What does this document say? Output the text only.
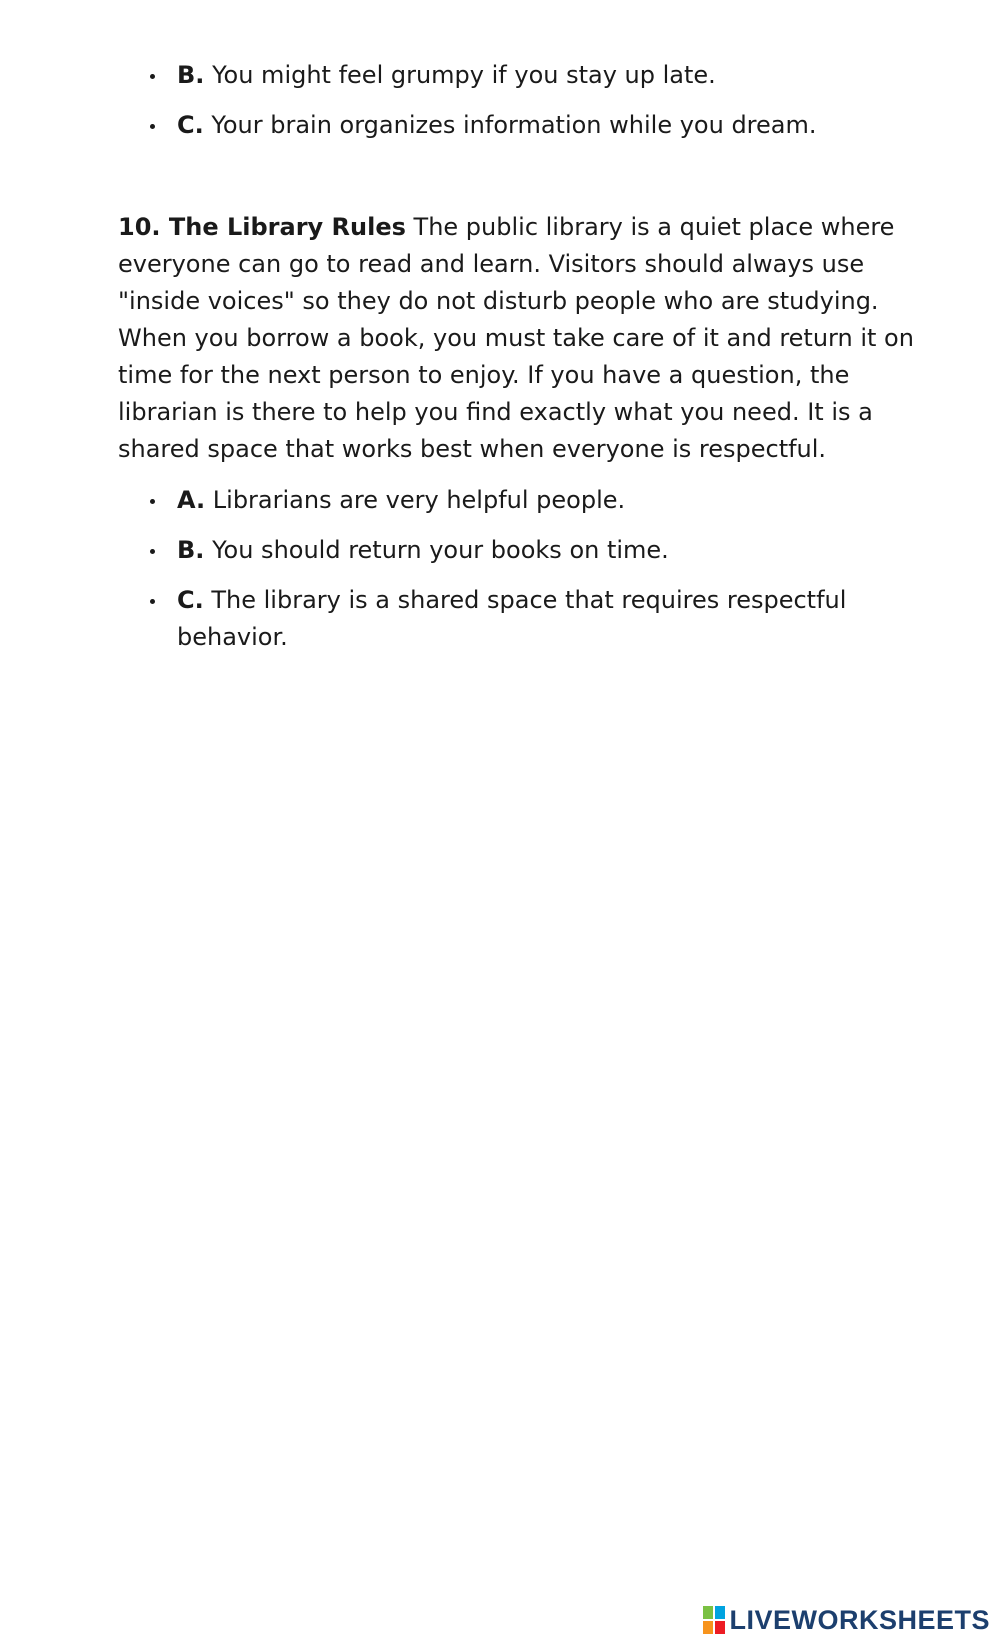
B. You might feel grumpy if you stay up late.
C. Your brain organizes information while you dream.

10. The Library Rules The public library is a quiet place where everyone can go to read and learn. Visitors should always use "inside voices" so they do not disturb people who are studying. When you borrow a book, you must take care of it and return it on time for the next person to enjoy. If you have a question, the librarian is there to help you find exactly what you need. It is a shared space that works best when everyone is respectful.

A. Librarians are very helpful people.
B. You should return your books on time.
C. The library is a shared space that requires respectful behavior.
LIVEWORKSHEETS
